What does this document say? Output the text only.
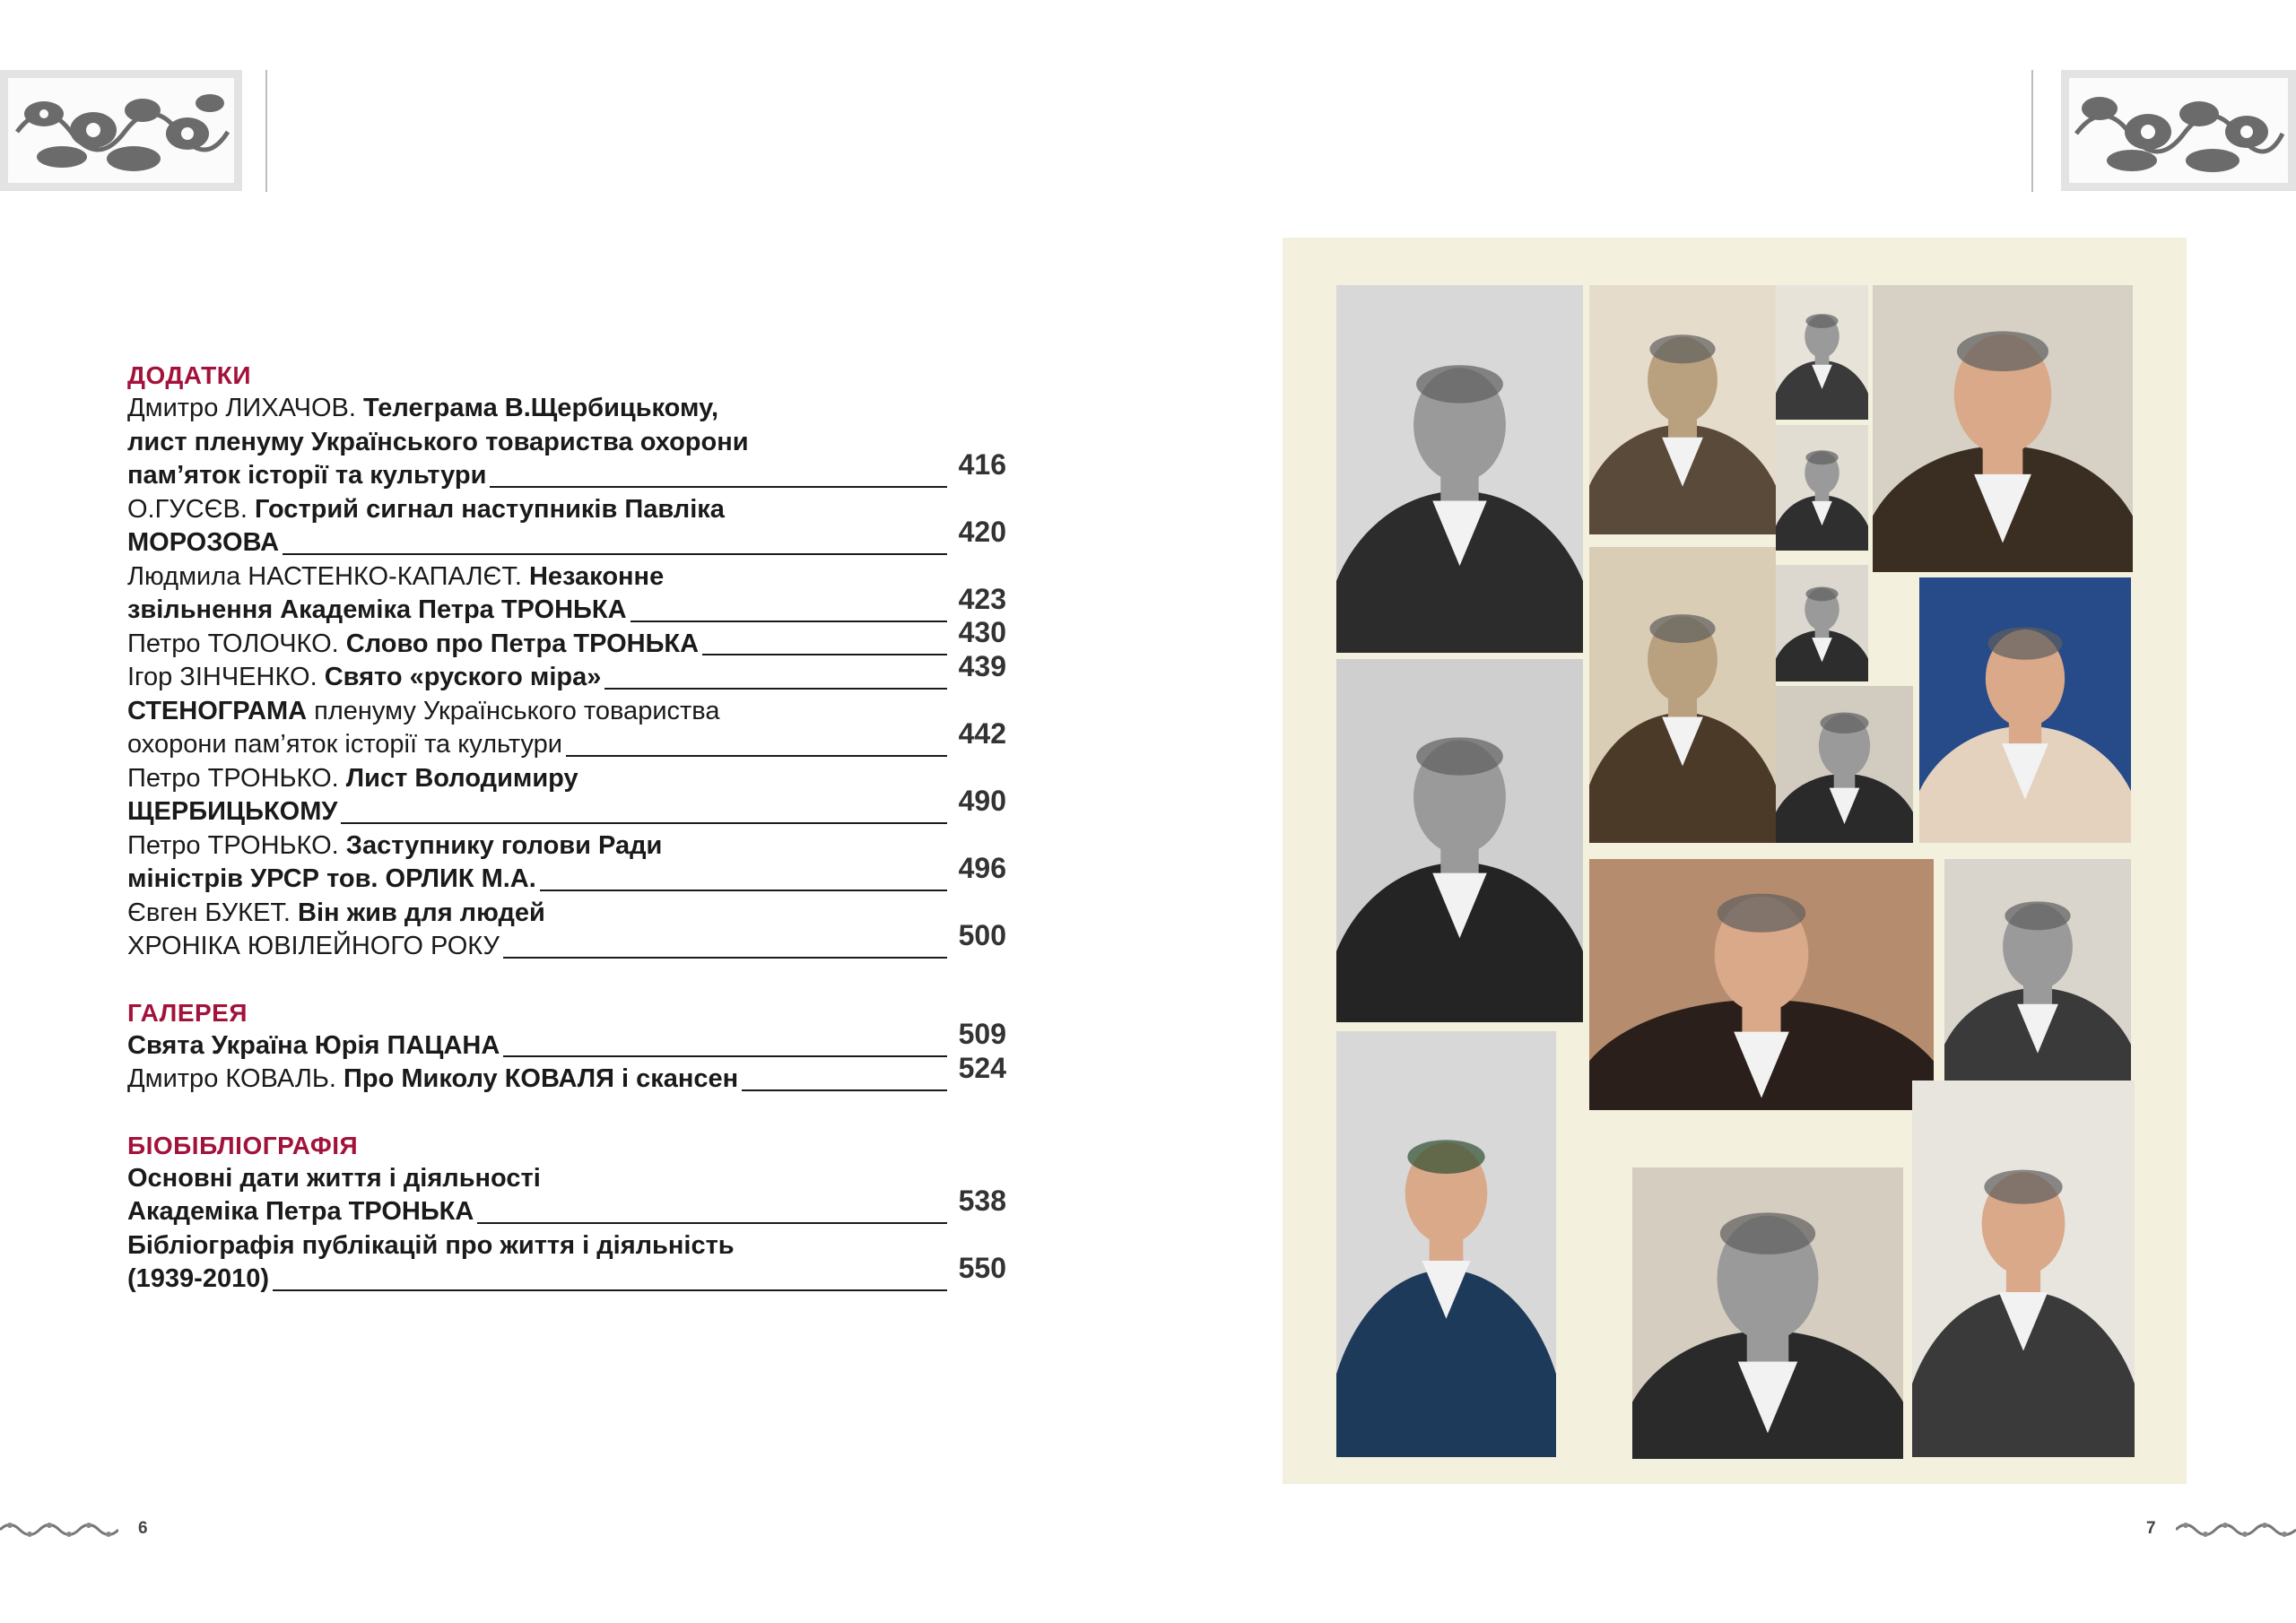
ДОДАТКИ
Дмитро ЛИХАЧОВ. Телеграма В.Щербицькому,
лист пленуму Українського товариства охорони
пам’яток історії та культури	416
О.ГУСЄВ. Гострий сигнал наступників Павліка
МОРОЗОВА	420
Людмила НАСТЕНКО-КАПАЛЄТ. Незаконне
звільнення Академіка Петра ТРОНЬКА	423
Петро ТОЛОЧКО. Слово про Петра ТРОНЬКА	430
Ігор ЗІНЧЕНКО. Свято «руского міра»	439
СТЕНОГРАМА пленуму Українського товариства
охорони пам’яток історії та культури	442
Петро ТРОНЬКО. Лист Володимиру
ЩЕРБИЦЬКОМУ	490
Петро ТРОНЬКО. Заступнику голови Ради
міністрів УРСР тов. ОРЛИК М.А.	496
Євген БУКЕТ. Він жив для людей
ХРОНІКА ЮВІЛЕЙНОГО РОКУ	500
ГАЛЕРЕЯ
Свята Україна Юрія ПАЦАНА	509
Дмитро КОВАЛЬ. Про Миколу КОВАЛЯ і скансен	524
БІОБІБЛІОГРАФІЯ
Основні дати життя і діяльності
Академіка Петра ТРОНЬКА	538
Бібліографія публікацій про життя і діяльність
(1939-2010)	550
6	7
